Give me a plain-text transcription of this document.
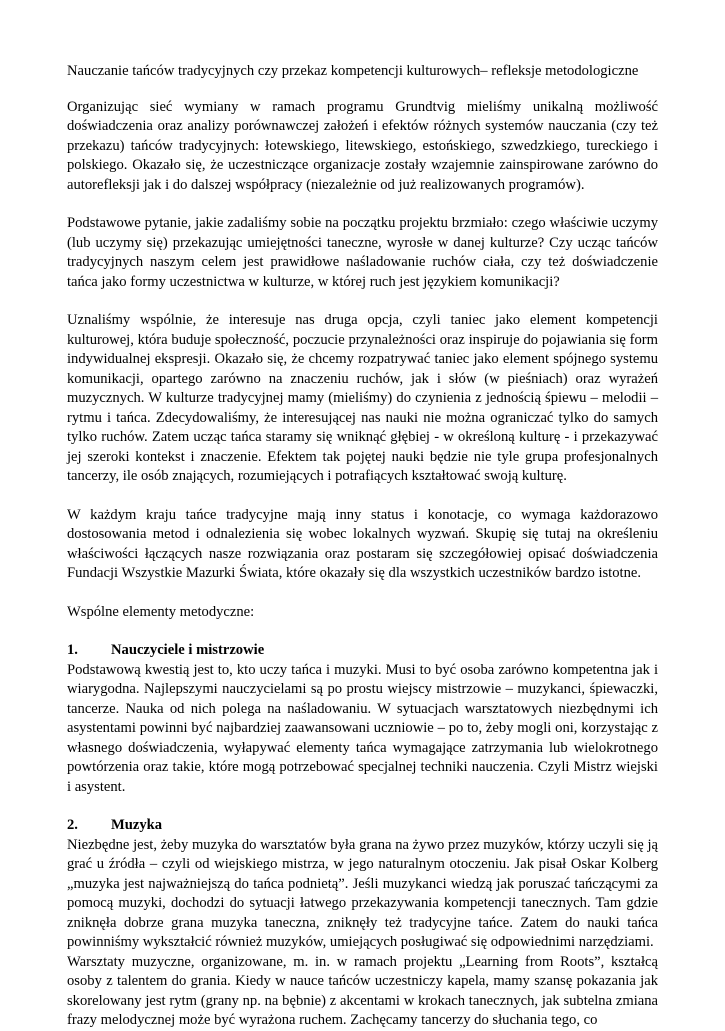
Nauczanie tańców tradycyjnych czy przekaz kompetencji kulturowych– refleksje metodologiczne

Organizując sieć wymiany w ramach programu Grundtvig mieliśmy unikalną możliwość doświadczenia oraz analizy porównawczej założeń i efektów różnych systemów nauczania (czy też przekazu) tańców tradycyjnych: łotewskiego, litewskiego, estońskiego, szwedzkiego, tureckiego i polskiego. Okazało się, że uczestniczące organizacje zostały wzajemnie zainspirowane zarówno do autorefleksji jak i do dalszej współpracy (niezależnie od już realizowanych programów).

Podstawowe pytanie, jakie zadaliśmy sobie na początku projektu brzmiało: czego właściwie uczymy (lub uczymy się) przekazując umiejętności taneczne, wyrosłe w danej kulturze? Czy ucząc tańców tradycyjnych naszym celem jest prawidłowe naśladowanie ruchów ciała, czy też doświadczenie tańca jako formy uczestnictwa w kulturze, w której ruch jest językiem komunikacji?

Uznaliśmy wspólnie, że interesuje nas druga opcja, czyli taniec jako element kompetencji kulturowej, która buduje społeczność, poczucie przynależności oraz inspiruje do pojawiania się form indywidualnej ekspresji. Okazało się, że chcemy rozpatrywać taniec jako element spójnego systemu komunikacji, opartego zarówno na znaczeniu ruchów, jak i słów (w pieśniach) oraz wyrażeń muzycznych. W kulturze tradycyjnej mamy (mieliśmy) do czynienia z jednością śpiewu – melodii – rytmu i tańca. Zdecydowaliśmy, że interesującej nas nauki nie można ograniczać tylko do samych tylko ruchów. Zatem ucząc tańca staramy się wniknąć głębiej - w określoną kulturę - i przekazywać jej szeroki kontekst i znaczenie. Efektem tak pojętej nauki będzie nie tyle grupa profesjonalnych tancerzy, ile osób znających, rozumiejących i potrafiących kształtować swoją kulturę.

W każdym kraju tańce tradycyjne mają inny status i konotacje, co wymaga każdorazowo dostosowania metod i odnalezienia się wobec lokalnych wyzwań. Skupię się tutaj na określeniu właściwości łączących nasze rozwiązania oraz postaram się szczegółowiej opisać doświadczenia Fundacji Wszystkie Mazurki Świata, które okazały się dla wszystkich uczestników bardzo istotne.

Wspólne elementy metodyczne:

1.	Nauczyciele i mistrzowie

Podstawową kwestią jest to, kto uczy tańca i muzyki. Musi to być osoba zarówno kompetentna jak i wiarygodna. Najlepszymi nauczycielami są po prostu wiejscy mistrzowie – muzykanci, śpiewaczki, tancerze. Nauka od nich polega na naśladowaniu. W sytuacjach warsztatowych niezbędnymi ich asystentami powinni być najbardziej zaawansowani uczniowie – po to, żeby mogli oni, korzystając z własnego doświadczenia, wyłapywać elementy tańca wymagające zatrzymania lub wielokrotnego powtórzenia oraz takie, które mogą potrzebować specjalnej techniki nauczenia. Czyli Mistrz wiejski i asystent.

2.	Muzyka

Niezbędne jest, żeby muzyka do warsztatów była grana na żywo przez muzyków, którzy uczyli się ją grać u źródła – czyli od wiejskiego mistrza, w jego naturalnym otoczeniu. Jak pisał Oskar Kolberg „muzyka jest najważniejszą do tańca podnietą”. Jeśli muzykanci wiedzą jak poruszać tańczącymi za pomocą muzyki, dochodzi do sytuacji łatwego przekazywania kompetencji tanecznych. Tam gdzie zniknęła dobrze grana muzyka taneczna, zniknęły też tradycyjne tańce. Zatem do nauki tańca powinniśmy wykształcić również muzyków, umiejących posługiwać się odpowiednimi narzędziami.

Warsztaty muzyczne, organizowane, m. in. w ramach projektu „Learning from Roots”, kształcą osoby z talentem do grania. Kiedy w nauce tańców uczestniczy kapela, mamy szansę pokazania jak skorelowany jest rytm (grany np. na bębnie) z akcentami w krokach tanecznych, jak subtelna zmiana frazy melodycznej może być wyrażona ruchem. Zachęcamy tancerzy do słuchania tego, co
